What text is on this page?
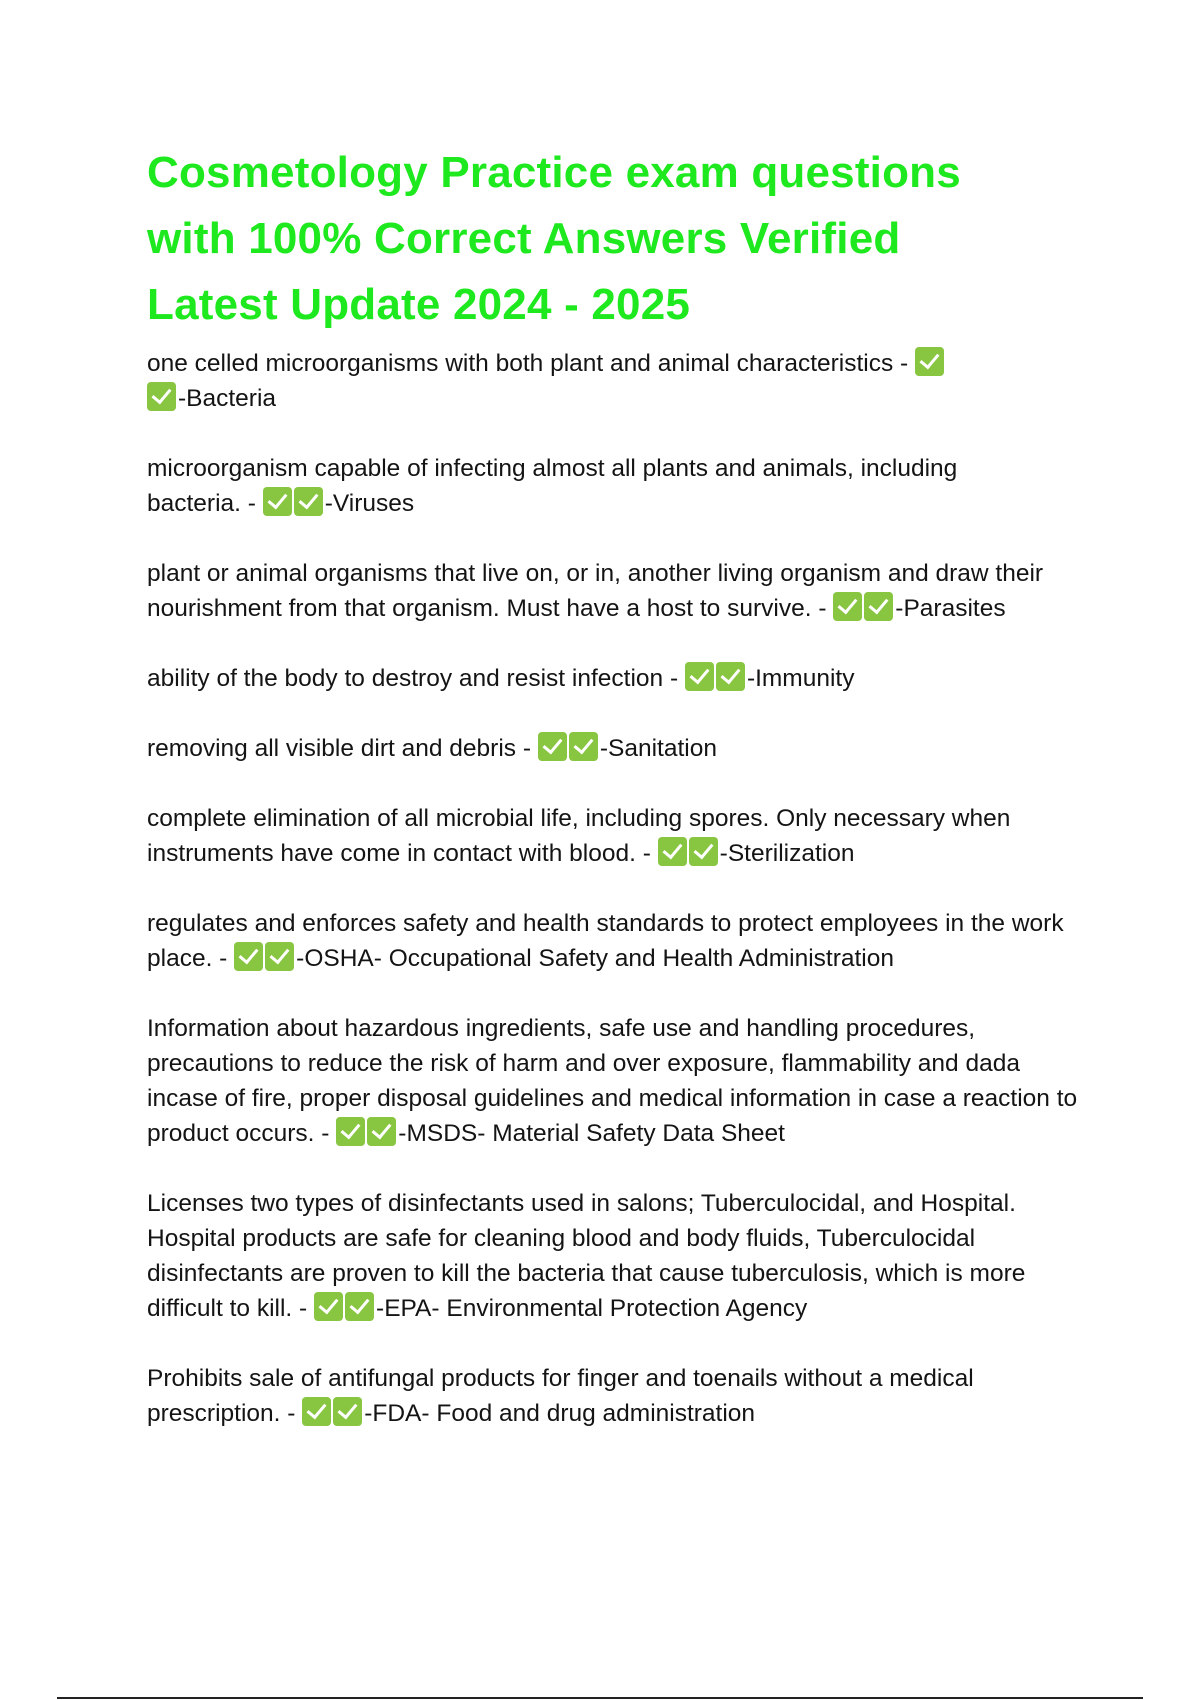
Cosmetology Practice exam questions
with 100% Correct Answers Verified
Latest Update 2024 - 2025

one celled microorganisms with both plant and animal characteristics - -Bacteria

microorganism capable of infecting almost all plants and animals, including bacteria. -	-Viruses

plant or animal organisms that live on, or in, another living organism and draw their nourishment from that organism. Must have a host to survive. -	-Parasites

ability of the body to destroy and resist infection -	-Immunity

removing all visible dirt and debris -	-Sanitation

complete elimination of all microbial life, including spores. Only necessary when instruments have come in contact with blood. -	-Sterilization

regulates and enforces safety and health standards to protect employees in the work place. -	-OSHA- Occupational Safety and Health Administration

Information about hazardous ingredients, safe use and handling procedures, precautions to reduce the risk of harm and over exposure, flammability and dada incase of fire, proper disposal guidelines and medical information in case a reaction to product occurs. -	-MSDS- Material Safety Data Sheet

Licenses two types of disinfectants used in salons; Tuberculocidal, and Hospital. Hospital products are safe for cleaning blood and body fluids, Tuberculocidal disinfectants are proven to kill the bacteria that cause tuberculosis, which is more difficult to kill. -	-EPA- Environmental Protection Agency

Prohibits sale of antifungal products for finger and toenails without a medical prescription. -	-FDA- Food and drug administration
